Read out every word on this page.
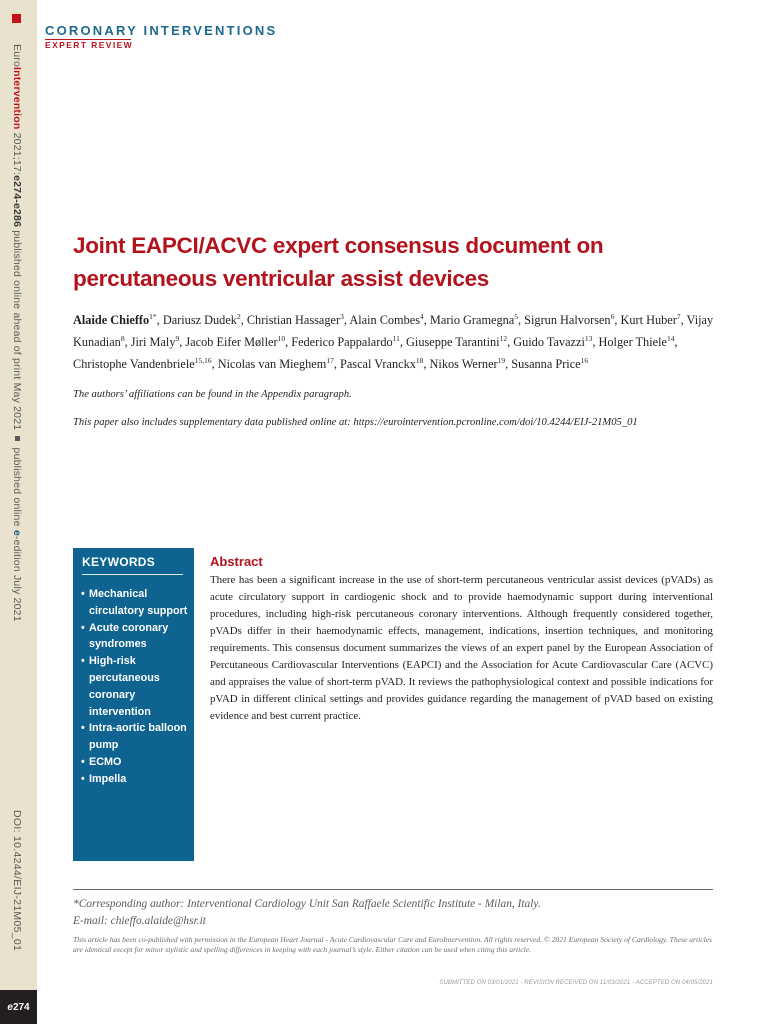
EuroIntervention 2021;17:e274-e286 published online ahead of print May 2021  published online e-edition July 2021
DOI: 10.4244/EIJ-21M05_01
e 274
CORONARY INTERVENTIONS
EXPERT REVIEW
Joint EAPCI/ACVC expert consensus document on percutaneous ventricular assist devices
Alaide Chieffo$^{1*}$, Dariusz Dudek$^2$, Christian Hassager$^3$, Alain Combes$^4$, Mario Gramegna$^5$, Sigrun Halvorsen$^6$, Kurt Huber$^7$, Vijay Kunadian$^8$, Jiri Maly$^9$, Jacob Eifer Møller$^{10}$, Federico Pappalardo$^{11}$, Giuseppe Tarantini$^{12}$, Guido Tavazzi$^{13}$, Holger Thiele$^{14}$, Christophe Vandenbriele$^{15,16}$, Nicolas van Mieghem$^{17}$, Pascal Vranckx$^{18}$, Nikos Werner$^{19}$, Susanna Price$^{16}$
The authors’ affiliations can be found in the Appendix paragraph.
This paper also includes supplementary data published online at: https://eurointervention.pcronline.com/doi/10.4244/EIJ-21M05_01
KEYWORDS
• Mechanical circulatory support
• Acute coronary syndromes
• High-risk percutaneous coronary intervention
• Intra-aortic balloon pump
• ECMO
• Impella
Abstract
There has been a significant increase in the use of short-term percutaneous ventricular assist devices (pVADs) as acute circulatory support in cardiogenic shock and to provide haemodynamic support during interventional procedures, including high-risk percutaneous coronary interventions. Although frequently considered together, pVADs differ in their haemodynamic effects, management, indications, insertion techniques, and monitoring requirements. This consensus document summarizes the views of an expert panel by the European Association of Percutaneous Cardiovascular Interventions (EAPCI) and the Association for Acute Cardiovascular Care (ACVC) and appraises the value of short-term pVAD. It reviews the pathophysiological context and possible indications for pVAD in different clinical settings and provides guidance regarding the management of pVAD based on existing evidence and best current practice.
*Corresponding author: Interventional Cardiology Unit San Raffaele Scientific Institute - Milan, Italy.
E-mail: chieffo.alaide@hsr.it
This article has been co-published with permission in the European Heart Journal - Acute Cardiovascular Care and EuroIntervention. All rights reserved. © 2021 European Society of Cardiology. These articles are identical except for minor stylistic and spelling differences in keeping with each journal’s style. Either citation can be used when citing this article.
SUBMITTED ON 03/01/2021 - REVISION RECEIVED ON 11/03/2021 - ACCEPTED ON 04/05/2021
